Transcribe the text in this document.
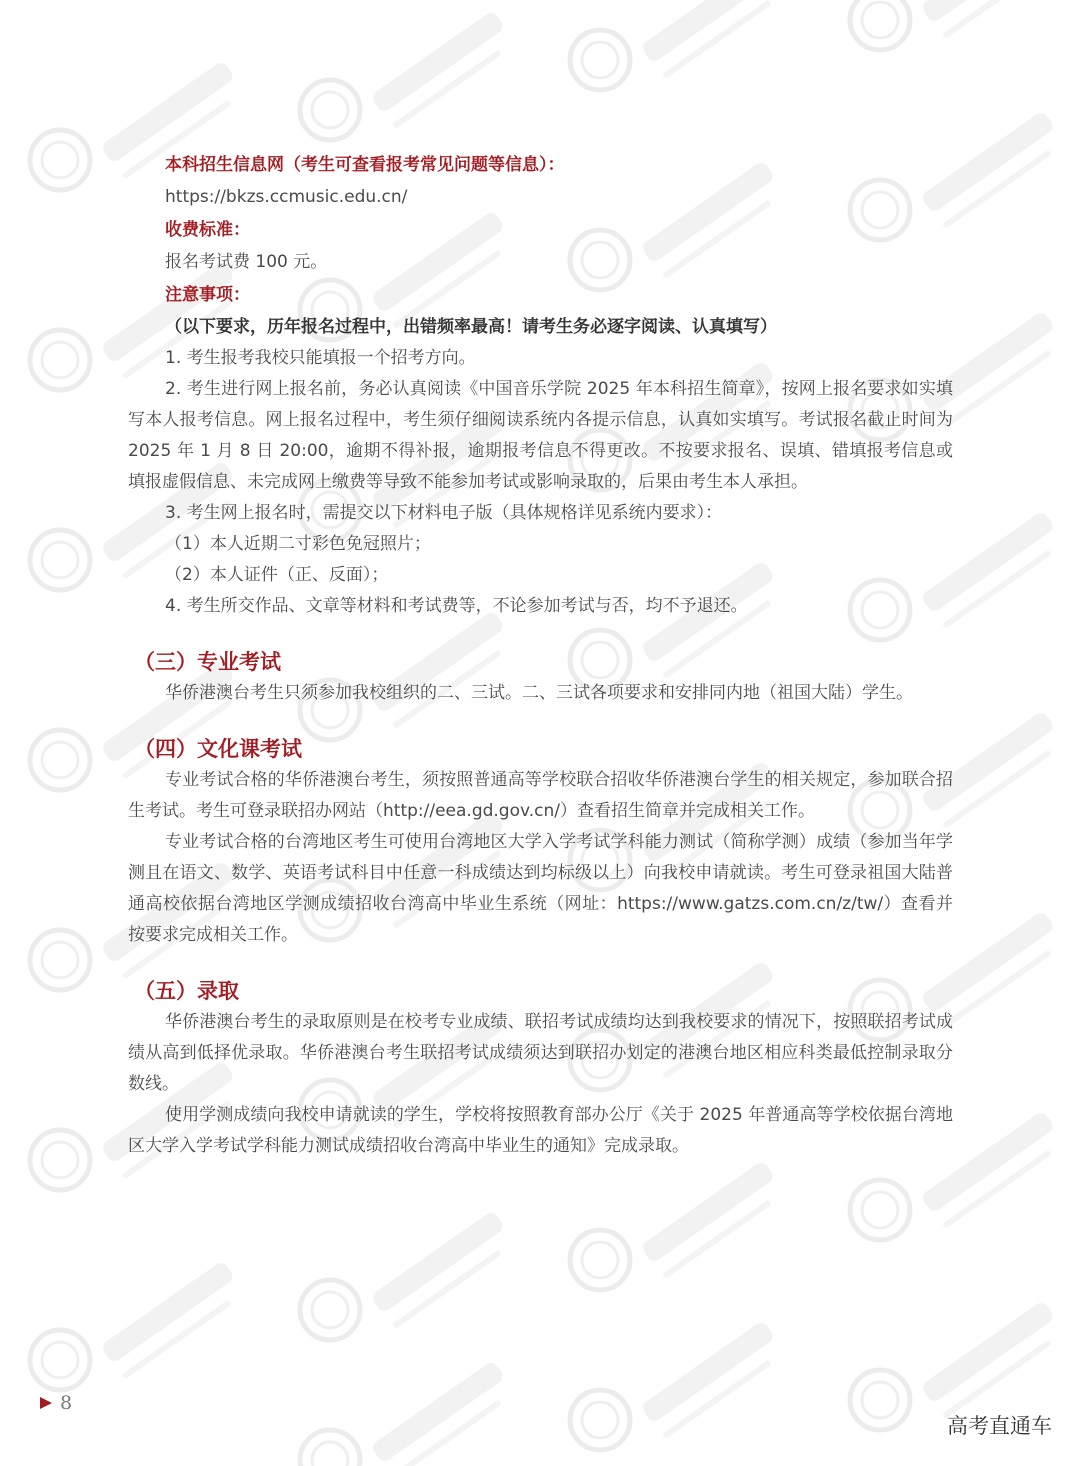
本科招生信息网（考生可查看报考常见问题等信息）：

https://bkzs.ccmusic.edu.cn/

收费标准：

报名考试费 100 元。

注意事项：

（以下要求，历年报名过程中，出错频率最高！请考生务必逐字阅读、认真填写）

1. 考生报考我校只能填报一个招考方向。

2. 考生进行网上报名前，务必认真阅读《中国音乐学院 2025 年本科招生简章》，按网上报名要求如实填写本人报考信息。网上报名过程中，考生须仔细阅读系统内各提示信息，认真如实填写。考试报名截止时间为 2025 年 1 月 8 日 20:00，逾期不得补报，逾期报考信息不得更改。不按要求报名、误填、错填报考信息或填报虚假信息、未完成网上缴费等导致不能参加考试或影响录取的，后果由考生本人承担。

3. 考生网上报名时，需提交以下材料电子版（具体规格详见系统内要求）：

（1）本人近期二寸彩色免冠照片；

（2）本人证件（正、反面）；

4. 考生所交作品、文章等材料和考试费等，不论参加考试与否，均不予退还。

（三）专业考试

华侨港澳台考生只须参加我校组织的二、三试。二、三试各项要求和安排同内地（祖国大陆）学生。

（四）文化课考试

专业考试合格的华侨港澳台考生，须按照普通高等学校联合招收华侨港澳台学生的相关规定，参加联合招生考试。考生可登录联招办网站（http://eea.gd.gov.cn/）查看招生简章并完成相关工作。

专业考试合格的台湾地区考生可使用台湾地区大学入学考试学科能力测试（简称学测）成绩（参加当年学测且在语文、数学、英语考试科目中任意一科成绩达到均标级以上）向我校申请就读。考生可登录祖国大陆普通高校依据台湾地区学测成绩招收台湾高中毕业生系统（网址：https://www.gatzs.com.cn/z/tw/）查看并按要求完成相关工作。

（五）录取

华侨港澳台考生的录取原则是在校考专业成绩、联招考试成绩均达到我校要求的情况下，按照联招考试成绩从高到低择优录取。华侨港澳台考生联招考试成绩须达到联招办划定的港澳台地区相应科类最低控制录取分数线。

使用学测成绩向我校申请就读的学生，学校将按照教育部办公厅《关于 2025 年普通高等学校依据台湾地区大学入学考试学科能力测试成绩招收台湾高中毕业生的通知》完成录取。

8
高考直通车
